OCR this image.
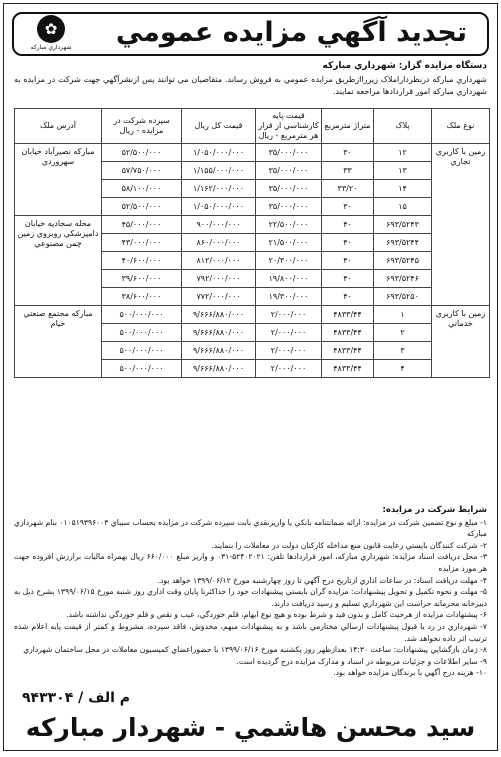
تجديد آگهي مزايده عمومي
✿
شهرداري مباركه
دستگاه مزايده گزار: شهرداري مباركه
شهرداري مباركه درنظرداراملاک زيرراازطريق مزايده عمومي به فروش رساند. متقاضيان مي توانند پس ازنشرآگهي جهت شركت در مزايده به شهرداري مباركه امور قراردادها مراجعه نمايند.
نوع ملک	پلاک	متراژ مترمربع	قيمت پايه کارشناسي از قرار هر مترمربع - ريال	قيمت کل ريال	سپرده شركت در مزايده - ريال	آدرس ملک
زمين با کاربري تجاري	۱۲	۳۰	۳۵/۰۰۰/۰۰۰	۱/۰۵۰/۰۰۰/۰۰۰	۵۲/۵۰۰/۰۰۰	مباركه نصيرآباد خيابان سهروردي
	۱۳	۳۳	۳۵/۰۰۰/۰۰۰	۱/۱۵۵/۰۰۰/۰۰۰	۵۷/۷۵۰/۰۰۰	
	۱۴	۳۳/۲۰	۳۵/۰۰۰/۰۰۰	۱/۱۶۲/۰۰۰/۰۰۰	۵۸/۱۰۰/۰۰۰	
	۱۵	۳۰	۳۵/۰۰۰/۰۰۰	۱/۰۵۰/۰۰۰/۰۰۰	۵۲/۵۰۰/۰۰۰	
	۶۹۳/۵۲۴۳	۴۰	۲۲/۵۰۰/۰۰۰	۹۰۰/۰۰۰/۰۰۰	۴۵/۰۰۰/۰۰۰	محله سجاديه خيابان دامپزشکي روبروي زمين چمن مصنوعي
	۶۹۳/۵۲۴۴	۴۰	۲۱/۵۰۰/۰۰۰	۸۶۰/۰۰۰/۰۰۰	۴۳/۰۰۰/۰۰۰	
	۶۹۳/۵۲۴۵	۴۰	۲۰/۳۰۰/۰۰۰	۸۱۲/۰۰۰/۰۰۰	۴۰/۶۰۰/۰۰۰	
	۶۹۳/۵۲۴۶	۴۰	۱۹/۸۰۰/۰۰۰	۷۹۲/۰۰۰/۰۰۰	۳۹/۶۰۰/۰۰۰	
	۶۹۳/۵۲۵۰	۴۰	۱۹/۳۰۰/۰۰۰	۷۷۲/۰۰۰/۰۰۰	۳۸/۶۰۰/۰۰۰	
زمين با کاربري خدماتي	۱	۴۸۳۳/۴۴	۲/۰۰۰/۰۰۰	۹/۶۶۶/۸۸۰/۰۰۰	۵۰۰/۰۰۰/۰۰۰	مباركه مجتمع صنعتي خيام
	۲	۴۸۳۳/۴۴	۲/۰۰۰/۰۰۰	۹/۶۶۶/۸۸۰/۰۰۰	۵۰۰/۰۰۰/۰۰۰	
	۳	۴۸۳۳/۴۴	۲/۰۰۰/۰۰۰	۹/۶۶۶/۸۸۰/۰۰۰	۵۰۰/۰۰۰/۰۰۰	
	۴	۴۸۳۳/۴۴	۲/۰۰۰/۰۰۰	۹/۶۶۶/۸۸۰/۰۰۰	۵۰۰/۰۰۰/۰۰۰	
شرايط شركت در مزايده:

۱- مبلغ و نوع تضمين شركت در مزايده: ارائه ضمانتنامه بانکي يا واريزنقدي بابت سپرده شركت در مزايده بحساب سيباي ۰۱۰۵۱۹۳۹۶۰۰۳ بنام شهرداري مباركه

۲- شركت كنندگان بايستي رعايت قانون منع مداخله کارکنان دولت در معاملات را بنمايند.

۳- محل دريافت اسناد مزايده: شهرداري مباركه، امور قراردادها تلفن: ۵۲۴۰۲۰۲۱-۰۳۱ و واريز مبلغ ۶۶۰/۰۰۰ ريال بهمراه ماليات برارزش افزوده جهت هر مورد مزايده

۴- مهلت دريافت اسناد: در ساعات اداري ازتاريخ درج آگهي تا روز چهارشنبه مورخ ۱۳۹۹/۰۶/۱۲ خواهد بود.

۵- مهلت و نحوه تکميل و تحويل پيشنهادات: مزايده گران بايستي پيشنهادات خود را حداکثرتا پايان وقت اداري روز شنبه مورخ ۱۳۹۹/۰۶/۱۵ بشرح ذيل به دبيرخانه محرمانه حراست اين شهرداري تسليم و رسيد دريافت دارند.

۶- پيشنهادات مزايده از هرحيث کامل و بدون قيد و شرط بوده و هيچ نوع ابهام، قلم خوردگي، عيب و نقص و قلم خوردگي نداشته باشد.

۷- شهرداري در رد يا قبول پيشنهادات ارسالي مختارمي باشد و به پيشنهادات مبهم، مخدوش، فاقد سپرده، مشروط و کمتر از قيمت پايه اعلام شده ترتيب اثر داده نخواهد شد.

۸- زمان بازگشايي پيشنهادات: ساعت ۱۴:۳۰ بعدازظهر روز يکشنبه مورخ ۱۳۹۹/۰۶/۱۶ با حضوراعضاي کميسيون معاملات در محل ساختمان شهرداري

۹- ساير اطلاعات و جزئيات مربوطه در اسناد و مدارک مزايده درج گرديده است.

۱۰- هزينه درج آگهي با برندگان مزايده خواهد بود.

۹۴۳۳۰۴ / م الف
سيد محسن هاشمي - شهردار مباركه
